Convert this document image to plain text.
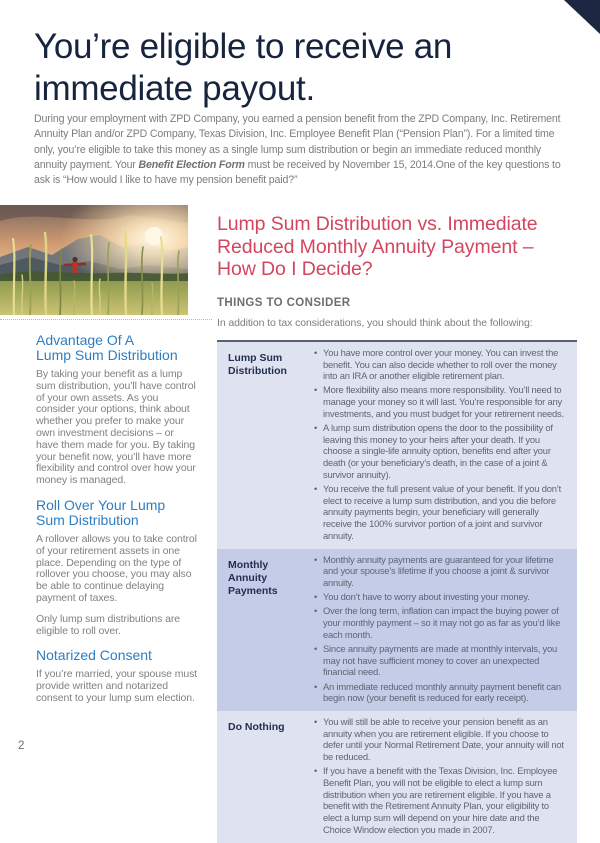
You’re eligible to receive an immediate payout.

During your employment with ZPD Company, you earned a pension benefit from the ZPD Company, Inc. Retirement Annuity Plan and/or ZPD Company, Texas Division, Inc. Employee Benefit Plan (“Pension Plan”). For a limited time only, you’re eligible to take this money as a single lump sum distribution or begin an immediate reduced monthly annuity payment. Your Benefit Election Form must be received by November 15, 2014.One of the key questions to ask is “How would I like to have my pension benefit paid?”

Advantage Of A
Lump Sum Distribution

By taking your benefit as a lump sum distribution, you’ll have control of your own assets. As you consider your options, think about whether you prefer to make your own investment decisions – or have them made for you. By taking your benefit now, you’ll have more flexibility and control over how your money is managed.

Roll Over Your Lump
Sum Distribution

A rollover allows you to take control of your retirement assets in one place. Depending on the type of rollover you choose, you may also be able to continue delaying payment of taxes.

Only lump sum distributions are eligible to roll over.

Notarized Consent

If you’re married, your spouse must provide written and notarized consent to your lump sum election.

Lump Sum Distribution vs. Immediate
Reduced Monthly Annuity Payment –
How Do I Decide?
THINGS TO CONSIDER
In addition to tax considerations, you should think about the following:
Lump Sum
Distribution
• You have more control over your money. You can invest the benefit. You can also decide whether to roll over the money into an IRA or another eligible retirement plan.
• More flexibility also means more responsibility. You’ll need to manage your money so it will last. You’re responsible for any investments, and you must budget for your retirement needs.
• A lump sum distribution opens the door to the possibility of leaving this money to your heirs after your death. If you choose a single-life annuity option, benefits end after your death (or your beneficiary’s death, in the case of a joint & survivor annuity).
• You receive the full present value of your benefit. If you don’t elect to receive a lump sum distribution, and you die before annuity payments begin, your beneficiary will generally receive the 100% survivor portion of a joint and survivor annuity.
Monthly Annuity
Payments
• Monthly annuity payments are guaranteed for your lifetime and your spouse’s lifetime if you choose a joint & survivor annuity.
• You don’t have to worry about investing your money.
• Over the long term, inflation can impact the buying power of your monthly payment – so it may not go as far as you’d like each month.
• Since annuity payments are made at monthly intervals, you may not have sufficient money to cover an unexpected financial need.
• An immediate reduced monthly annuity payment benefit can begin now (your benefit is reduced for early receipt).
Do Nothing	• You will still be able to receive your pension benefit as an annuity when you are retirement eligible. If you choose to defer until your Normal Retirement Date, your annuity will not be reduced.
• If you have a benefit with the Texas Division, Inc. Employee Benefit Plan, you will not be eligible to elect a lump sum distribution when you are retirement eligible. If you have a benefit with the Retirement Annuity Plan, your eligibility to elect a lump sum will depend on your hire date and the Choice Window election you made in 2007.
2
